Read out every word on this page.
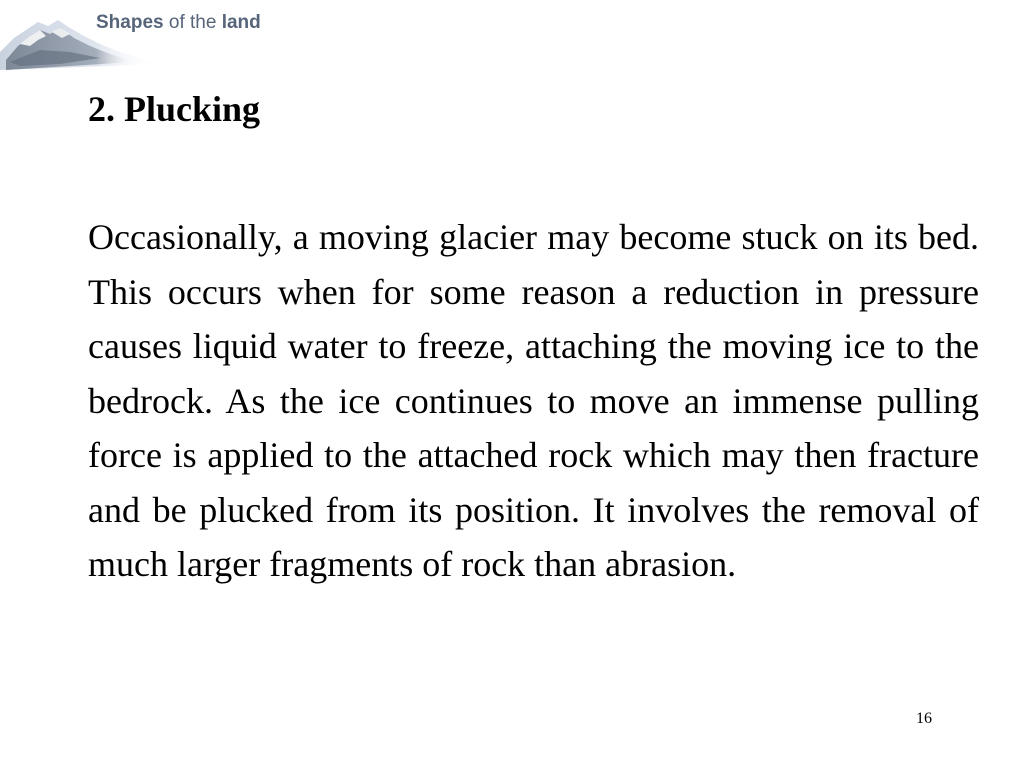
Shapes of the land
2. Plucking

Occasionally, a moving glacier may become stuck on its bed. This occurs when for some reason a reduction in pressure causes liquid water to freeze, attaching the moving ice to the bedrock. As the ice continues to move an immense pulling force is applied to the attached rock which may then fracture and be plucked from its position. It involves the removal of much larger fragments of rock than abrasion.

16
